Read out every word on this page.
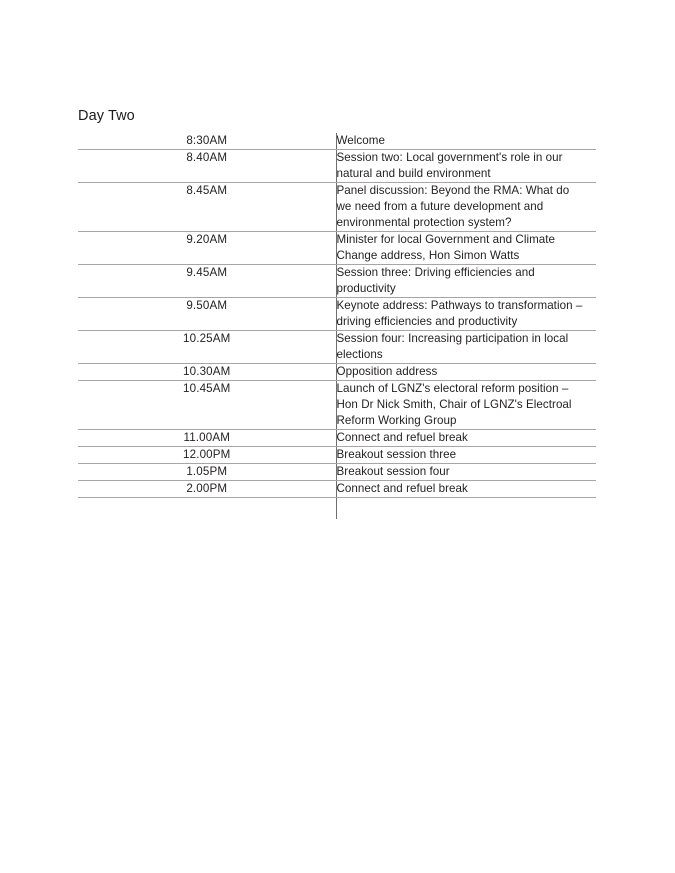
Day Two
8:30AM	Welcome

8.40AM	Session two: Local government's role in our
natural and build environment

8.45AM	Panel discussion: Beyond the RMA: What do
we need from a future development and
environmental protection system?

9.20AM	Minister for local Government and Climate
Change address, Hon Simon Watts

9.45AM	Session three: Driving efficiencies and
productivity

9.50AM	Keynote address: Pathways to transformation –
driving efficiencies and productivity

10.25AM	Session four: Increasing participation in local
elections

10.30AM	Opposition address

10.45AM	Launch of LGNZ's electoral reform position –
Hon Dr Nick Smith, Chair of LGNZ's Electroal
Reform Working Group

11.00AM	Connect and refuel break

12.00PM	Breakout session three

1.05PM	Breakout session four

2.00PM	Connect and refuel break
